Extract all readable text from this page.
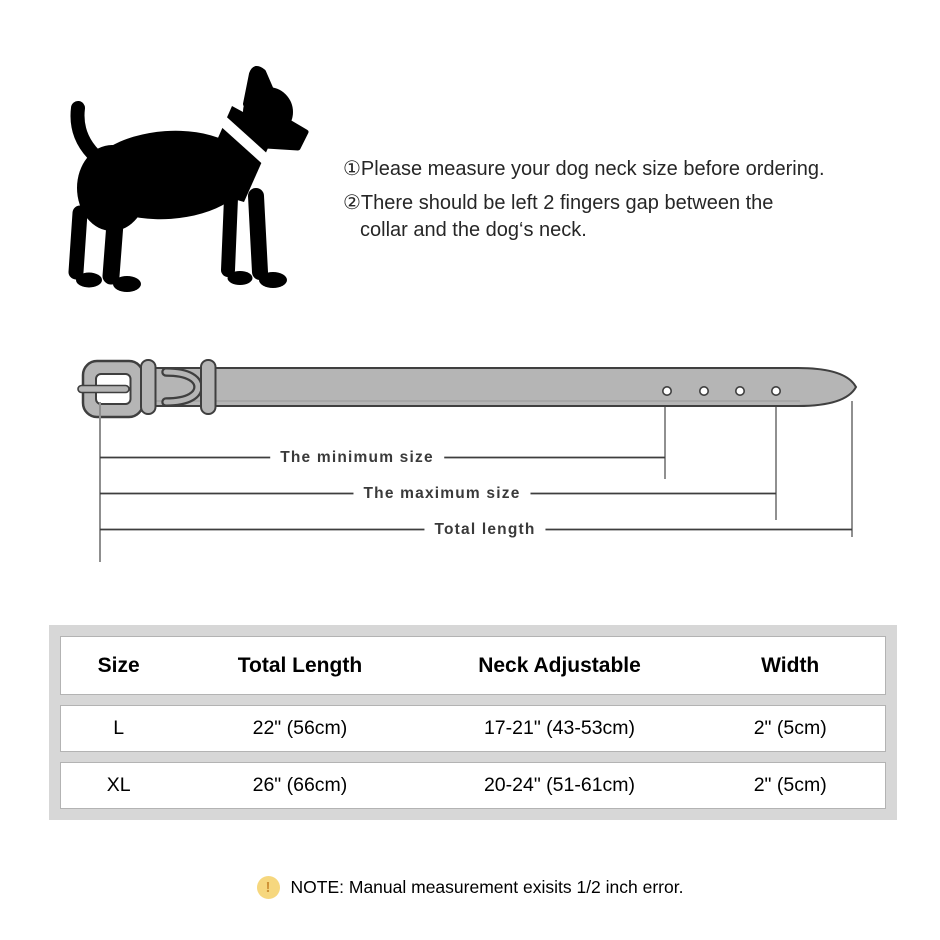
①Please measure your dog neck size before ordering.
②There should be left 2 fingers gap between the
collar and the dog‘s neck.
The minimum size
The maximum size
Total length
Size	Total Length	Neck Adjustable	Width
L	22" (56cm)	17-21" (43-53cm)	2" (5cm)
XL	26" (66cm)	20-24" (51-61cm)	2" (5cm)
!	NOTE: Manual measurement exisits 1/2 inch error.
